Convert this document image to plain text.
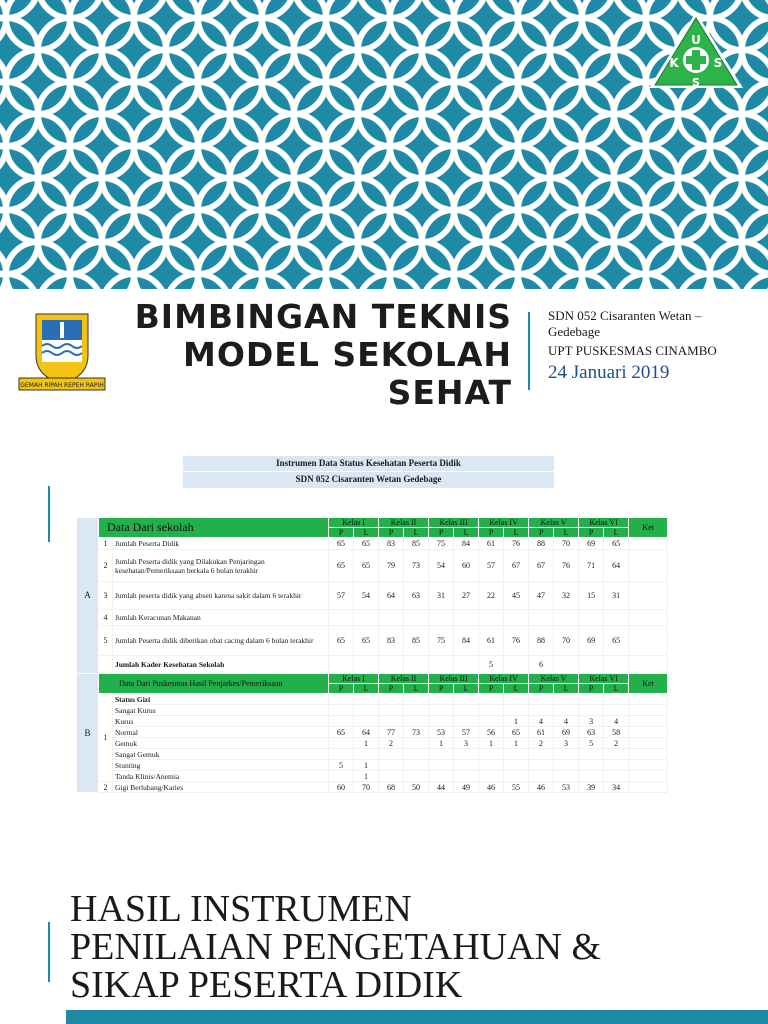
U
K	S
S
GEMAH RIPAH REPEH RAPIH
BIMBINGAN TEKNIS
MODEL SEKOLAH
SEHAT
SDN 052 Cisaranten Wetan – Gedebage
UPT PUSKESMAS CINAMBO
24 Januari 2019
Instrumen Data Status Kesehatan Peserta Didik
SDN 052 Cisaranten Wetan Gedebage
A	Data Dari sekolah		Kelas I		Kelas II		Kelas III		Kelas IV		Kelas V		Kelas VI		Ket
			P	L	P	L	P	L	P	L	P	L	P	L	
	1	Jumlah Peserta Didik	65	65	83	85	75	84	61	76	88	70	69	65	
	2	Jumlah Peserta didik yang Dilakukan Penjaringan kesehatan/Pemeriksaan berkala 6 bulan terakhir	65	65	79	73	54	60	57	67	67	76	71	64	
	3	Jumlah peserta didik yang absen karena sakit dalam 6 terakhir	57	54	64	63	31	27	22	45	47	32	15	31	
	4	Jumlah Keracunan Makanan													
	5	Jumlah Peserta didik diberikan obat cacing dalam 6 bulan terakhir	65	65	83	85	75	84	61	76	88	70	69	65	
		Jumlah Kader Kesehatan Sekolah							5		6				
B	Data Dari Puskesmas Hasil Penjarkes/Pemeriksaan		Kelas I		Kelas II		Kelas III		Kelas IV		Kelas V		Kelas VI		Ket
			P	L	P	L	P	L	P	L	P	L	P	L	
	1	Status Gizi													
		Sangat Kurus													
		Kurus								1	4	4	3	4	
		Normal	65	64	77	73	53	57	56	65	61	69	63	58	
		Gemuk		1	2		1	3	1	1	2	3	5	2	
		Sangat Gemuk													
		Stunting	5	1											
		Tanda Klinis/Anemia		1											
	2	Gigi Berlubang/Karies	60	70	68	50	44	49	46	55	46	53	39	34	
HASIL INSTRUMEN
PENILAIAN PENGETAHUAN &
SIKAP PESERTA DIDIK
